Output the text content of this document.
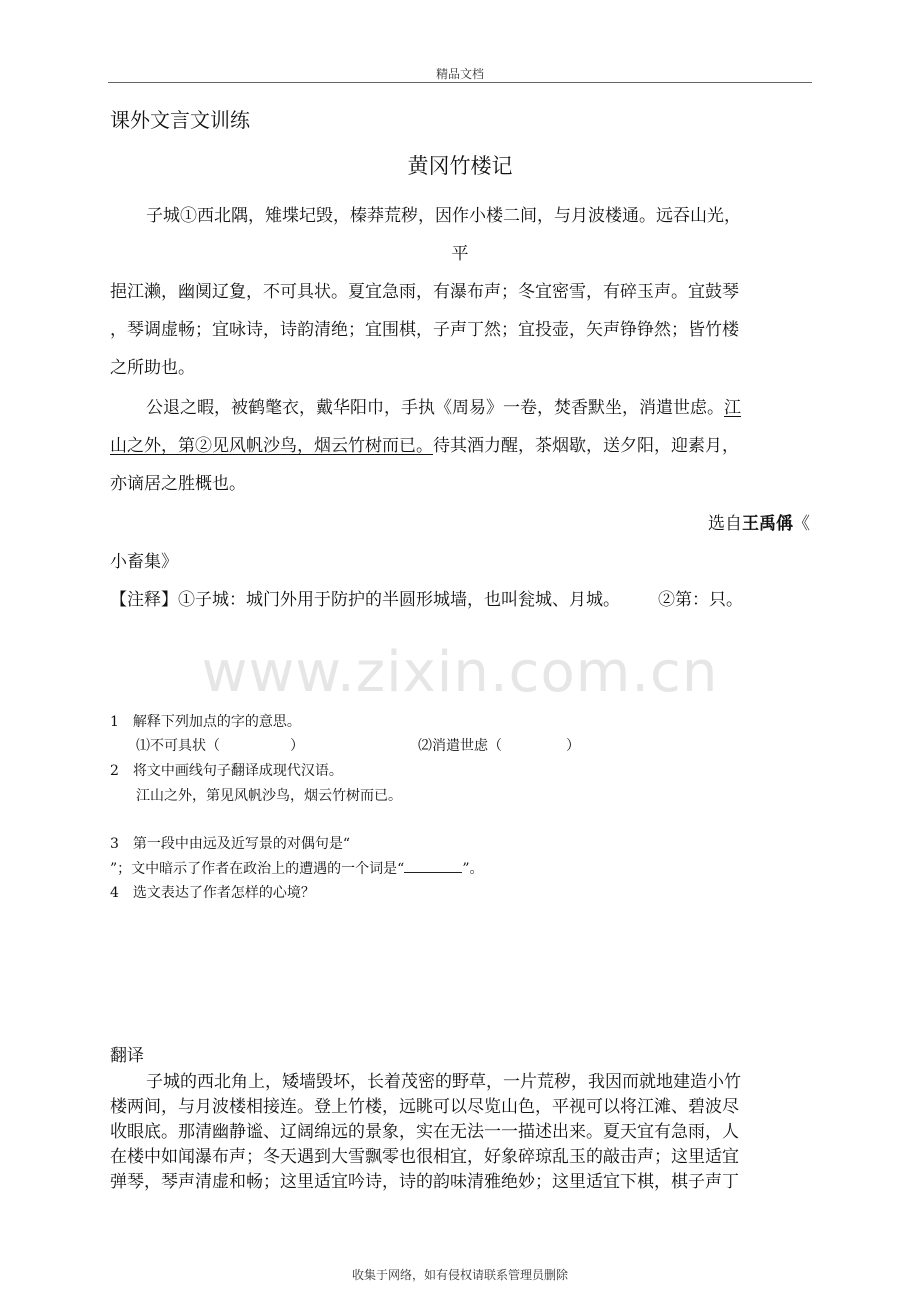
精品文档
课外文言文训练
黄冈竹楼记
子城①西北隅，雉堞圮毁，榛莽荒秽，因作小楼二间，与月波楼通。远吞山光，
平
挹江濑，幽阒辽夐，不可具状。夏宜急雨，有瀑布声；冬宜密雪，有碎玉声。宜鼓琴
，琴调虚畅；宜咏诗，诗韵清绝；宜围棋，子声丁然；宜投壶，矢声铮铮然；皆竹楼
之所助也。
公退之暇，被鹤氅衣，戴华阳巾，手执《周易》一卷，焚香默坐，消遣世虑。江
山之外，第②见风帆沙鸟，烟云竹树而已。待其酒力醒，茶烟歇，送夕阳，迎素月，
亦谪居之胜概也。
选自王禹偁《
小畜集》
【注释】①子城：城门外用于防护的半圆形城墙，也叫瓮城、月城。 ②第：只。
www.zixin.com.cn
1 解释下列加点的字的意思。
⑴不可具状（	）	⑵消遣世虑（	）
2 将文中画线句子翻译成现代汉语。
江山之外，第见风帆沙鸟，烟云竹树而已。
3 第一段中由远及近写景的对偶句是“
”；文中暗示了作者在政治上的遭遇的一个词是“	”。
4 选文表达了作者怎样的心境？
翻译
子城的西北角上，矮墙毁坏，长着茂密的野草，一片荒秽，我因而就地建造小竹
楼两间，与月波楼相接连。登上竹楼，远眺可以尽览山色，平视可以将江滩、碧波尽
收眼底。那清幽静谧、辽阔绵远的景象，实在无法一一描述出来。夏天宜有急雨，人
在楼中如闻瀑布声；冬天遇到大雪飘零也很相宜，好象碎琼乱玉的敲击声；这里适宜
弹琴，琴声清虚和畅；这里适宜吟诗，诗的韵味清雅绝妙；这里适宜下棋，棋子声丁
收集于网络，如有侵权请联系管理员删除
